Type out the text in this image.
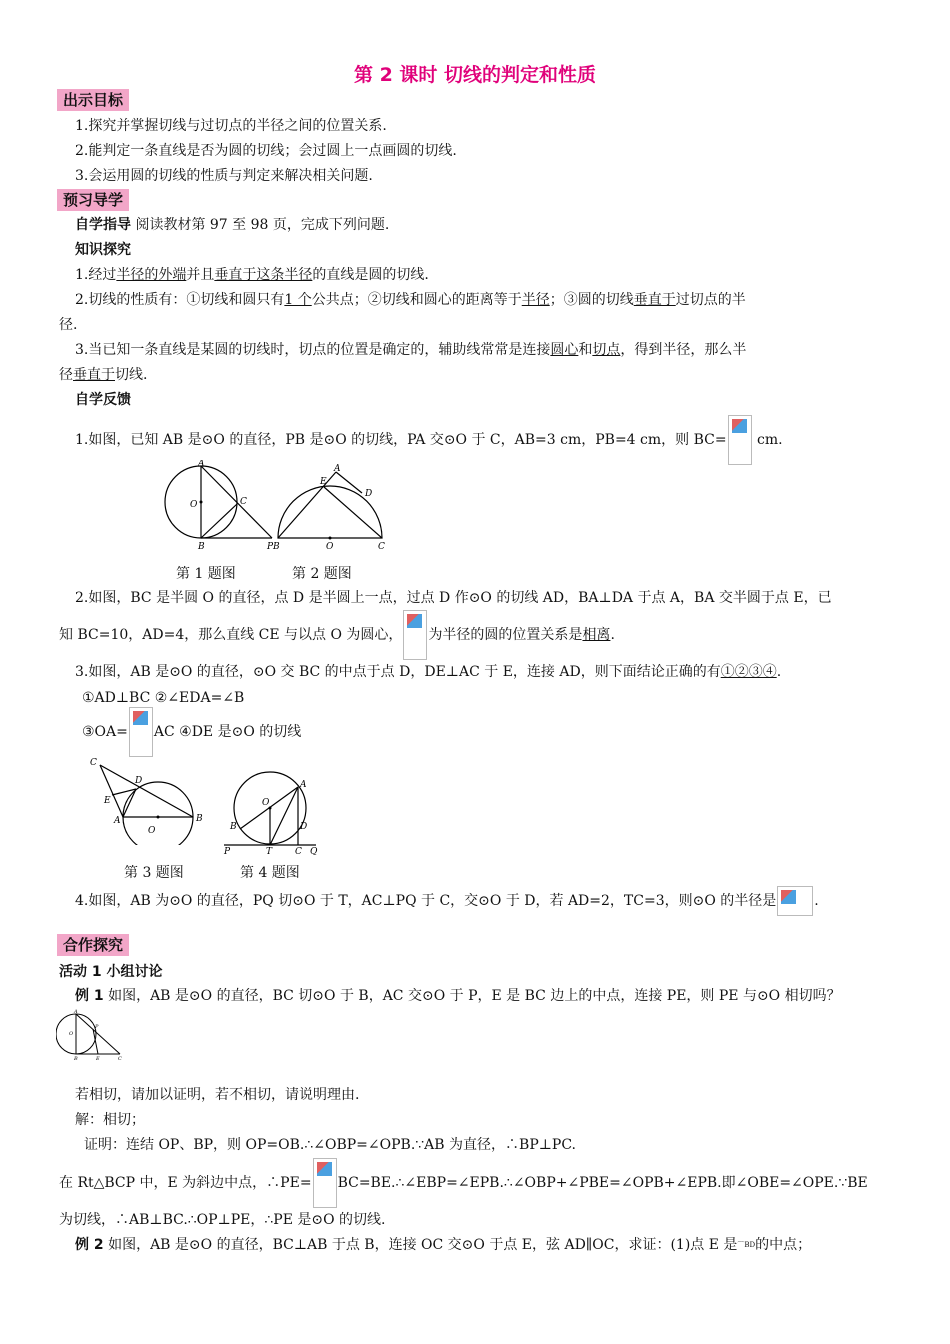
第 2 课时 切线的判定和性质
出示目标
1.探究并掌握切线与过切点的半径之间的位置关系.
2.能判定一条直线是否为圆的切线；会过圆上一点画圆的切线.
3.会运用圆的切线的性质与判定来解决相关问题.
预习导学
自学指导 阅读教材第 97 至 98 页，完成下列问题.
知识探究
1.经过半径的外端并且垂直于这条半径的直线是圆的切线.
2.切线的性质有：①切线和圆只有1 个公共点；②切线和圆心的距离等于半径；③圆的切线垂直于过切点的半
径.
3.当已知一条直线是某圆的切线时，切点的位置是确定的，辅助线常常是连接圆心和切点，得到半径，那么半
径垂直于切线.
自学反馈
1.如图，已知 AB 是⊙O 的直径，PB 是⊙O 的切线，PA 交⊙O 于 C，AB=3 cm，PB=4 cm，则 BC= cm.
A
O	C
B	P
E
A
D
B	O	C
第 1 题图	第 2 题图
2.如图，BC 是半圆 O 的直径，点 D 是半圆上一点，过点 D 作⊙O 的切线 AD，BA⊥DA 于点 A，BA 交半圆于点 E，已
知 BC=10，AD=4，那么直线 CE 与以点 O 为圆心， 为半径的圆的位置关系是相离.
3.如图，AB 是⊙O 的直径，⊙O 交 BC 的中点于点 D，DE⊥AC 于 E，连接 AD，则下面结论正确的有①②③④.
①AD⊥BC ②∠EDA=∠B
③OA= AC ④DE 是⊙O 的切线
C
D
E
A
O
B
O
A
B	D
P	T	C Q
第 3 题图	第 4 题图
4.如图，AB 为⊙O 的直径，PQ 切⊙O 于 T，AC⊥PQ 于 C，交⊙O 于 D，若 AD=2，TC=3，则⊙O 的半径是	.
合作探究
活动 1 小组讨论
例 1 如图，AB 是⊙O 的直径，BC 切⊙O 于 B，AC 交⊙O 于 P，E 是 BC 边上的中点，连接 PE，则 PE 与⊙O 相切吗？
A
O
P
B	E	C
若相切，请加以证明，若不相切，请说明理由.
解：相切；
证明：连结 OP、BP，则 OP=OB.∴∠OBP=∠OPB.∵AB 为直径，∴BP⊥PC.
在 Rt△BCP 中，E 为斜边中点，∴PE= BC=BE.∴∠EBP=∠EPB.∴∠OBP+∠PBE=∠OPB+∠EPB.即∠OBE=∠OPE.∵BE
为切线，∴AB⊥BC.∴OP⊥PE，∴PE 是⊙O 的切线.
例 2 如图，AB 是⊙O 的直径，BC⊥AB 于点 B，连接 OC 交⊙O 于点 E，弦 AD∥OC，求证：(1)点 E 是⌒BD的中点；
